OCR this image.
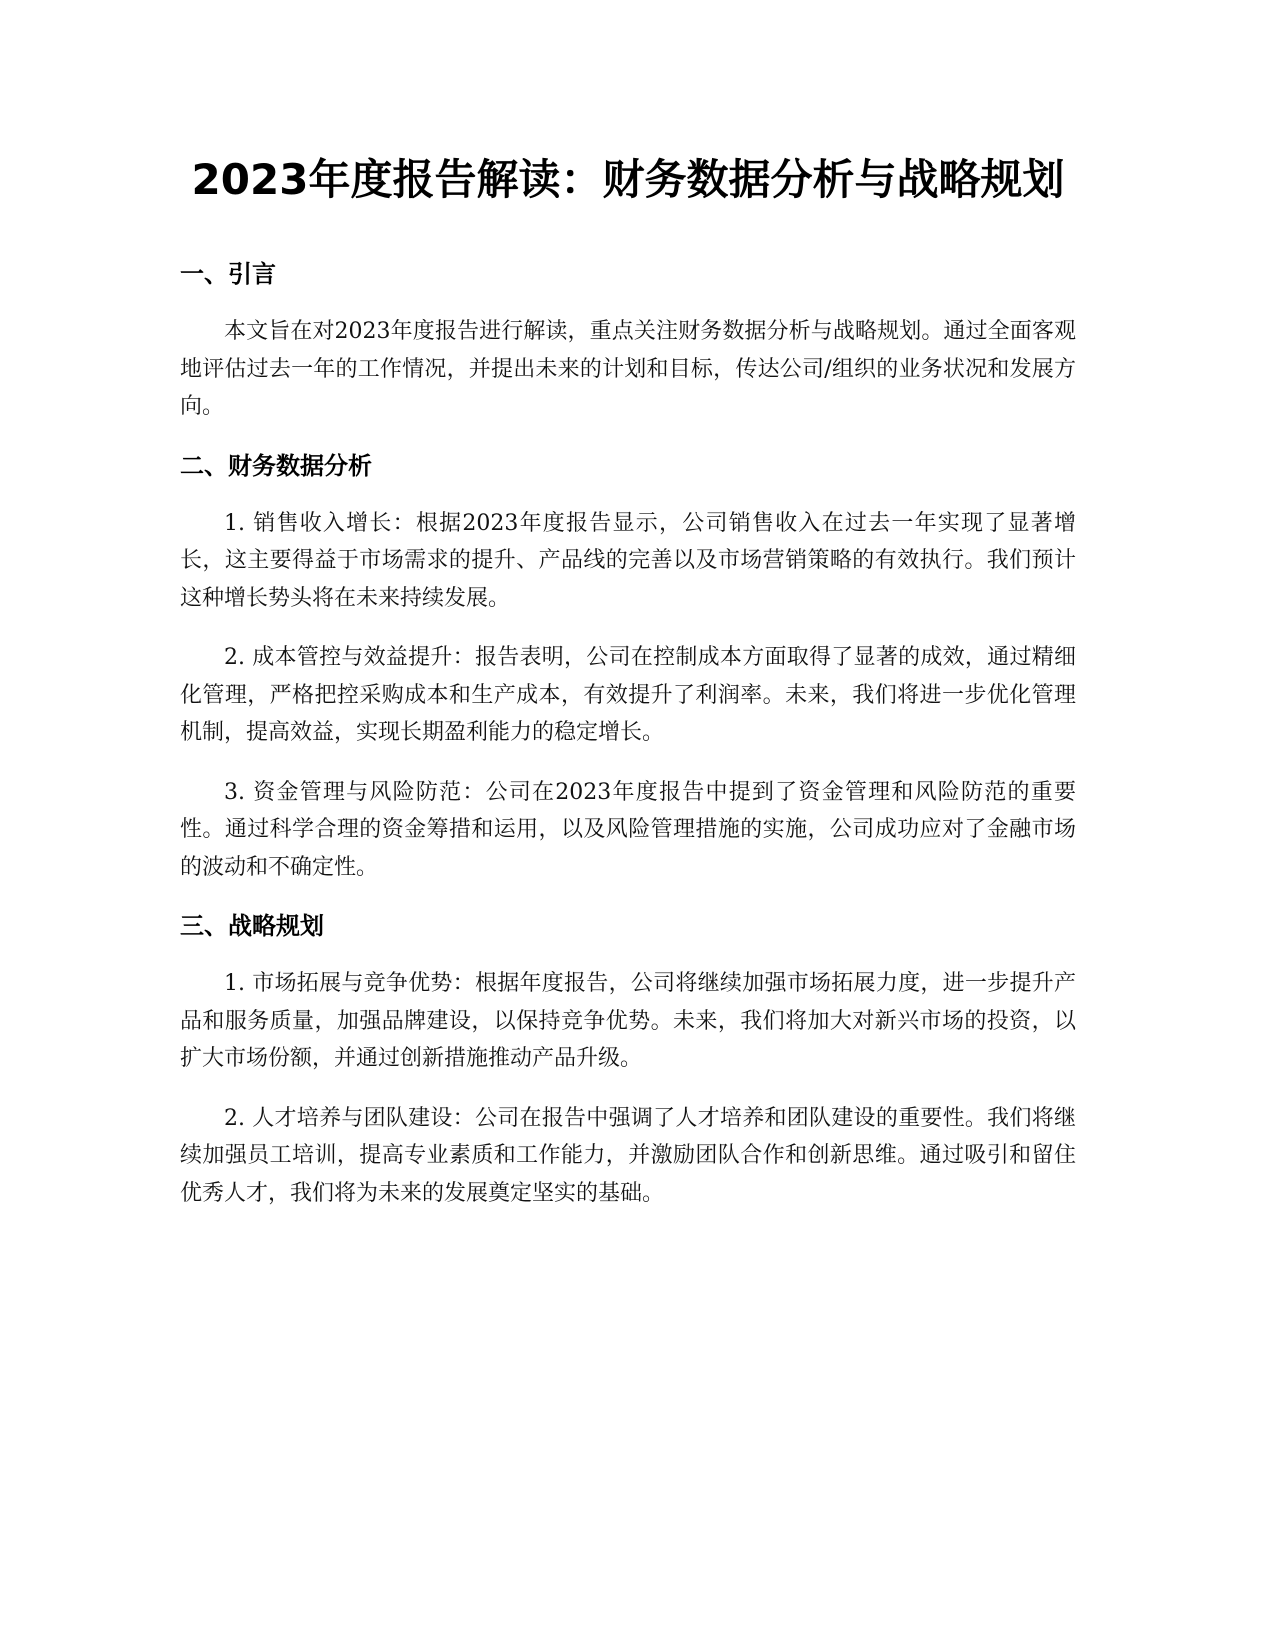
2023年度报告解读：财务数据分析与战略规划
一、引言

本文旨在对2023年度报告进行解读，重点关注财务数据分析与战略规划。通过全面客观地评估过去一年的工作情况，并提出未来的计划和目标，传达公司/组织的业务状况和发展方向。

二、财务数据分析

1. 销售收入增长：根据2023年度报告显示，公司销售收入在过去一年实现了显著增长，这主要得益于市场需求的提升、产品线的完善以及市场营销策略的有效执行。我们预计这种增长势头将在未来持续发展。

2. 成本管控与效益提升：报告表明，公司在控制成本方面取得了显著的成效，通过精细化管理，严格把控采购成本和生产成本，有效提升了利润率。未来，我们将进一步优化管理机制，提高效益，实现长期盈利能力的稳定增长。

3. 资金管理与风险防范：公司在2023年度报告中提到了资金管理和风险防范的重要性。通过科学合理的资金筹措和运用，以及风险管理措施的实施，公司成功应对了金融市场的波动和不确定性。

三、战略规划

1. 市场拓展与竞争优势：根据年度报告，公司将继续加强市场拓展力度，进一步提升产品和服务质量，加强品牌建设，以保持竞争优势。未来，我们将加大对新兴市场的投资，以扩大市场份额，并通过创新措施推动产品升级。

2. 人才培养与团队建设：公司在报告中强调了人才培养和团队建设的重要性。我们将继续加强员工培训，提高专业素质和工作能力，并激励团队合作和创新思维。通过吸引和留住优秀人才，我们将为未来的发展奠定坚实的基础。
